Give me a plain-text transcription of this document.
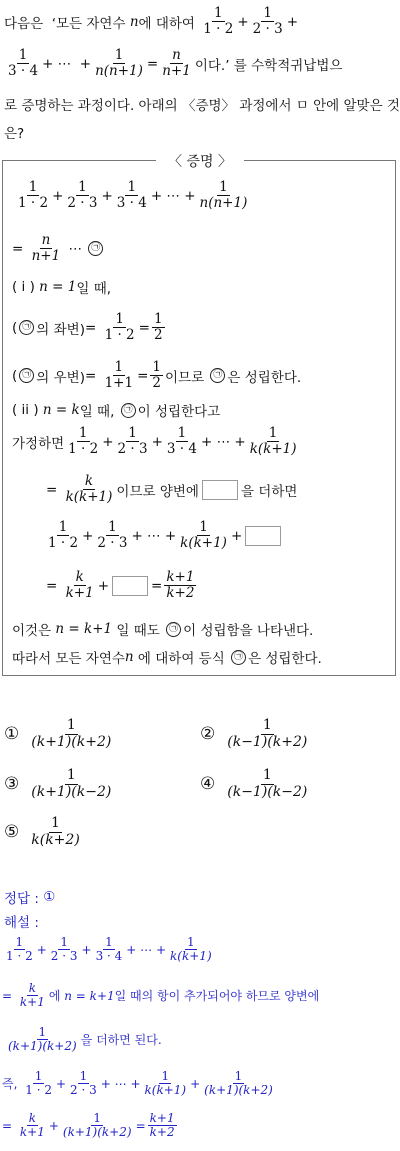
다음은
‘모든 자연수
n 에 대하여
$\frac{1}{1 \cdot 2} + \frac{1}{2 \cdot 3}$ +
$\frac{1}{3 \cdot 4}$ + ⋯ + $\frac{1}{n(n+1)} = \frac{n}{n+1}$ 이다.’
를 수학적귀납법으
로 증명하는 과정이다. 아래의 〈증명〉 과정에서 ㅁ 안에 알맞은 것
은?
〈 증명 〉
$\frac{1}{1 \cdot 2} + \frac{1}{2 \cdot 3} + \frac{1}{3 \cdot 4}$ + ⋯ + $\frac{1}{n(n+1)}$
= $\frac{n}{n+1}$
⋯
	㉠
( i )
n = 1 일 때,
( ㉠ 의 좌변) = $\frac{1}{1 \cdot 2} = \frac{1}{2}$
( ㉠ 의 우변) = $\frac{1}{1+1} = \frac{1}{2}$ 이므로
	㉠ 은 성립한다.
( ii )
n = k 일 때,
	㉠ 이 성립한다고
가정하면 $\frac{1}{1 \cdot 2} + \frac{1}{2 \cdot 3} + \frac{1}{3 \cdot 4}$ + ⋯ + $\frac{1}{k(k+1)}$
= $\frac{k}{k(k+1)}$ 이므로 양변에	을 더하면
$\frac{1}{1 \cdot 2} + \frac{1}{2 \cdot 3}$ + ⋯ + $\frac{1}{k(k+1)}$ +
= $\frac{k}{k+1}$ +	= $\frac{k+1}{k+2}$
이것은
n = k+1
일 때도
	㉠ 이 성립함을 나타낸다.
따라서 모든 자연수 n
에 대하여 등식
	㉠ 은 성립한다.
① $\frac{1}{(k+1)(k+2)}$	② $\frac{1}{(k-1)(k+2)}$
③ $\frac{1}{(k+1)(k-2)}$	④ $\frac{1}{(k-1)(k-2)}$
⑤ $\frac{1}{k(k+2)}$
정답 :
①
해설 :
$\frac{1}{1 \cdot 2} + \frac{1}{2 \cdot 3} + \frac{1}{3 \cdot 4}$ + ⋯ + $\frac{1}{k(k+1)}$
= $\frac{k}{k+1}$ 에
n = k+1 일 때의 항이 추가되어야 하므로 양변에
$\frac{1}{(k+1)(k+2)}$ 을 더하면 된다.
즉,
$\frac{1}{1 \cdot 2} + \frac{1}{2 \cdot 3}$ + ⋯ + $\frac{1}{k(k+1)} + \frac{1}{(k+1)(k+2)}$
= $\frac{k}{k+1} + \frac{1}{(k+1)(k+2)} = \frac{k+1}{k+2}$
